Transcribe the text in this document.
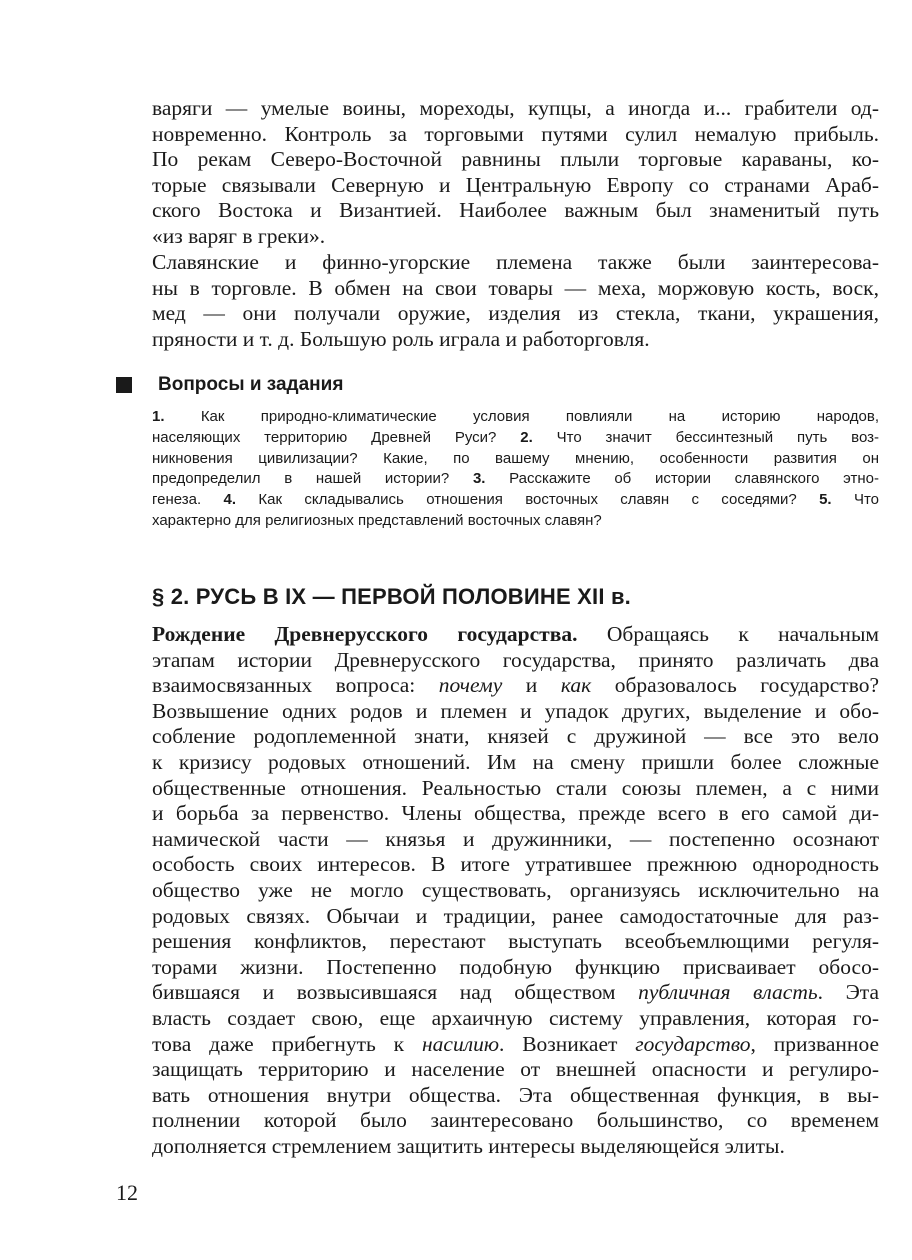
варяги — умелые воины, мореходы, купцы, а иногда и... грабители од-
новременно. Контроль за торговыми путями сулил немалую прибыль.
По рекам Северо-Восточной равнины плыли торговые караваны, ко-
торые связывали Северную и Центральную Европу со странами Араб-
ского Востока и Византией. Наиболее важным был знаменитый путь
«из варяг в греки».
Славянские и финно-угорские племена также были заинтересова-
ны в торговле. В обмен на свои товары — меха, моржовую кость, воск,
мед — они получали оружие, изделия из стекла, ткани, украшения,
пряности и т. д. Большую роль играла и работорговля.
Вопросы и задания
1. Как природно-климатические условия повлияли на историю народов,
населяющих территорию Древней Руси? 2. Что значит бессинтезный путь воз-
никновения цивилизации? Какие, по вашему мнению, особенности развития он
предопределил в нашей истории? 3. Расскажите об истории славянского этно-
генеза. 4. Как складывались отношения восточных славян с соседями? 5. Что
характерно для религиозных представлений восточных славян?
§ 2. РУСЬ В IX — ПЕРВОЙ ПОЛОВИНЕ XII в.
Рождение Древнерусского государства. Обращаясь к начальным
этапам истории Древнерусского государства, принято различать два
взаимосвязанных вопроса: почему и как образовалось государство?
Возвышение одних родов и племен и упадок других, выделение и обо-
собление родоплеменной знати, князей с дружиной — все это вело
к кризису родовых отношений. Им на смену пришли более сложные
общественные отношения. Реальностью стали союзы племен, а с ними
и борьба за первенство. Члены общества, прежде всего в его самой ди-
намической части — князья и дружинники, — постепенно осознают
особость своих интересов. В итоге утратившее прежнюю однородность
общество уже не могло существовать, организуясь исключительно на
родовых связях. Обычаи и традиции, ранее самодостаточные для раз-
решения конфликтов, перестают выступать всеобъемлющими регуля-
торами жизни. Постепенно подобную функцию присваивает обосо-
бившаяся и возвысившаяся над обществом публичная власть. Эта
власть создает свою, еще архаичную систему управления, которая го-
това даже прибегнуть к насилию. Возникает государство, призванное
защищать территорию и население от внешней опасности и регулиро-
вать отношения внутри общества. Эта общественная функция, в вы-
полнении которой было заинтересовано большинство, со временем
дополняется стремлением защитить интересы выделяющейся элиты.
12
